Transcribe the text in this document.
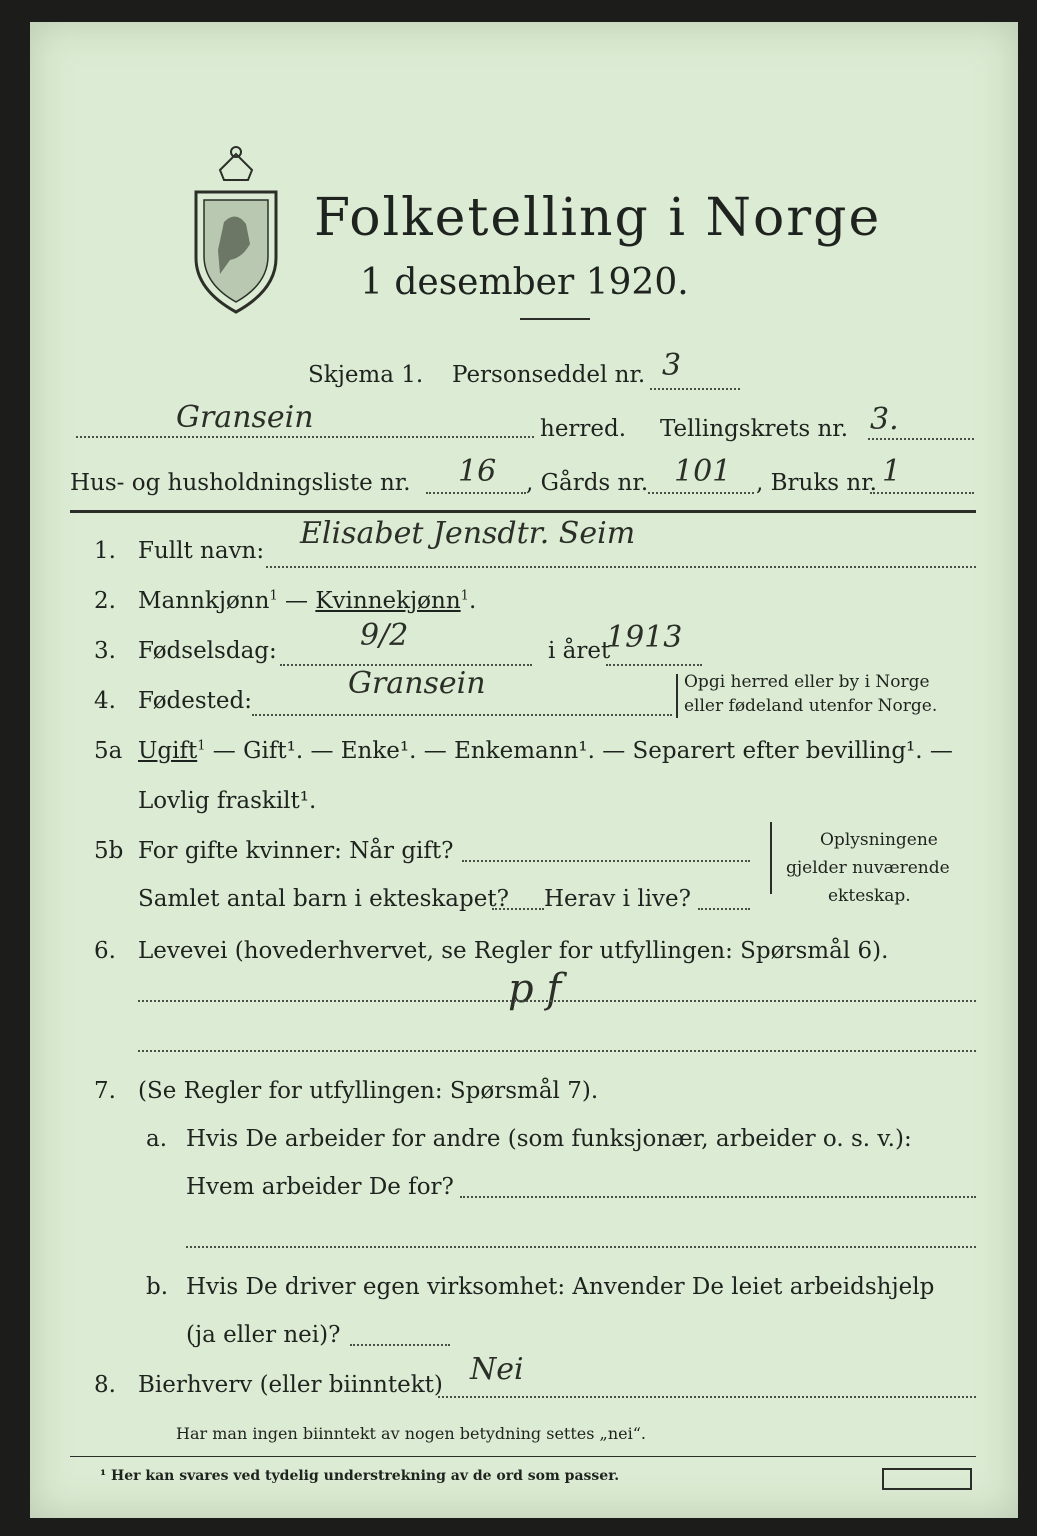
Folketelling i Norge
1 desember 1920.
Skjema 1. Personseddel nr. 3
Gransein	herred. Tellingskrets nr. 3.
Hus- og husholdningsliste nr. 16 , Gårds nr. 101 , Bruks nr. 1
1. Fullt navn: Elisabet Jensdtr. Seim
2. Mannkjønn$^1$ — Kvinnekjønn$^1$.
3. Fødselsdag:	9/2	i året
1913
4. Fødested:	Gransein	Opgi herred eller by i Norge
eller fødeland utenfor Norge.
5a Ugift$^1$ — Gift¹. — Enke¹. — Enkemann¹. — Separert efter bevilling¹. —
Lovlig fraskilt¹.
5b For gifte kvinner: Når gift?
Samlet antal barn i ekteskapet? Herav i live?
Oplysningene
gjelder nuværende
ekteskap.
6. Levevei (hovederhvervet, se Regler for utfyllingen: Spørsmål 6).
p f
7. (Se Regler for utfyllingen: Spørsmål 7).
a. Hvis De arbeider for andre (som funksjonær, arbeider o. s. v.):
Hvem arbeider De for?
b. Hvis De driver egen virksomhet: Anvender De leiet arbeidshjelp
(ja eller nei)?
8. Bierhverv (eller biinntekt) Nei
Har man ingen biinntekt av nogen betydning settes „nei“.
¹ Her kan svares ved tydelig understrekning av de ord som passer.
